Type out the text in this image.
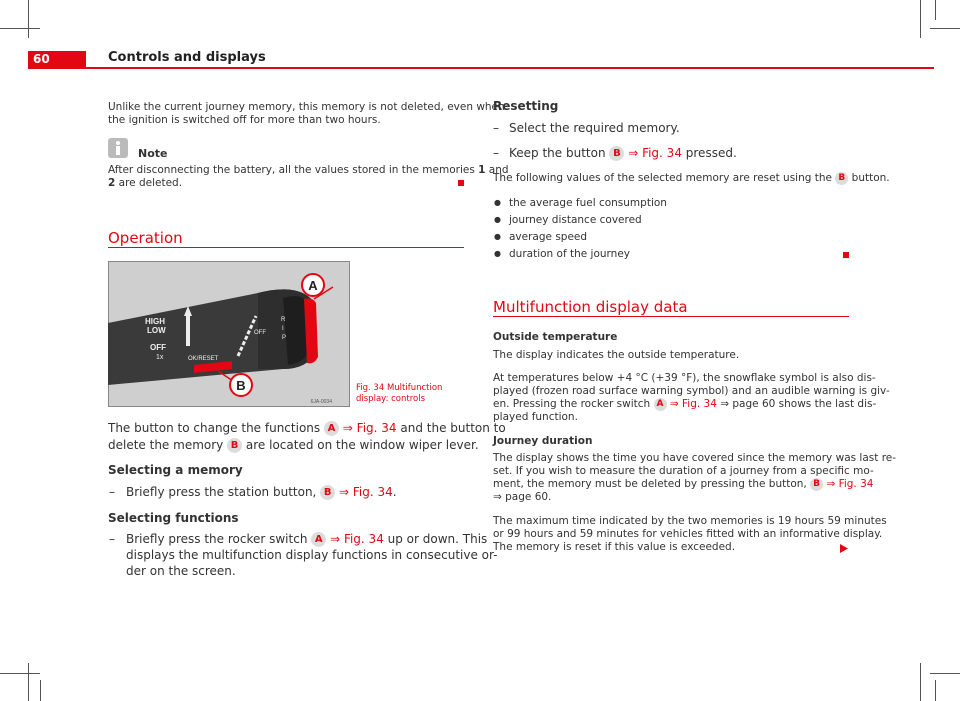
60	Controls and displays
Unlike the current journey memory, this memory is not deleted, even when
the ignition is switched off for more than two hours.
Note
After disconnecting the battery, all the values stored in the memories 1 and
2 are deleted.
Operation
A
B
HIGH
LOW
OFF
1x	OK/RESET
OFF
R
I
P
6JA-0034
Fig. 34 Multifunction
display: controls
The button to change the functions A ⇒ Fig. 34 and the button to
delete the memory B are located on the window wiper lever.
Selecting a memory
– Briefly press the station button, B ⇒ Fig. 34.
Selecting functions
– Briefly press the rocker switch A ⇒ Fig. 34 up or down. This
displays the multifunction display functions in consecutive or-
der on the screen.
Resetting
– Select the required memory.
– Keep the button B ⇒ Fig. 34 pressed.
The following values of the selected memory are reset using the B button.
● the average fuel consumption
● journey distance covered
● average speed
● duration of the journey
Multifunction display data
Outside temperature
The display indicates the outside temperature.
At temperatures below +4 °C (+39 °F), the snowflake symbol is also dis-
played (frozen road surface warning symbol) and an audible warning is giv-
en. Pressing the rocker switch A ⇒ Fig. 34 ⇒ page 60 shows the last dis-
played function.
Journey duration
The display shows the time you have covered since the memory was last re-
set. If you wish to measure the duration of a journey from a specific mo-
ment, the memory must be deleted by pressing the button, B ⇒ Fig. 34
⇒ page 60.
The maximum time indicated by the two memories is 19 hours 59 minutes
or 99 hours and 59 minutes for vehicles fitted with an informative display.
The memory is reset if this value is exceeded.
